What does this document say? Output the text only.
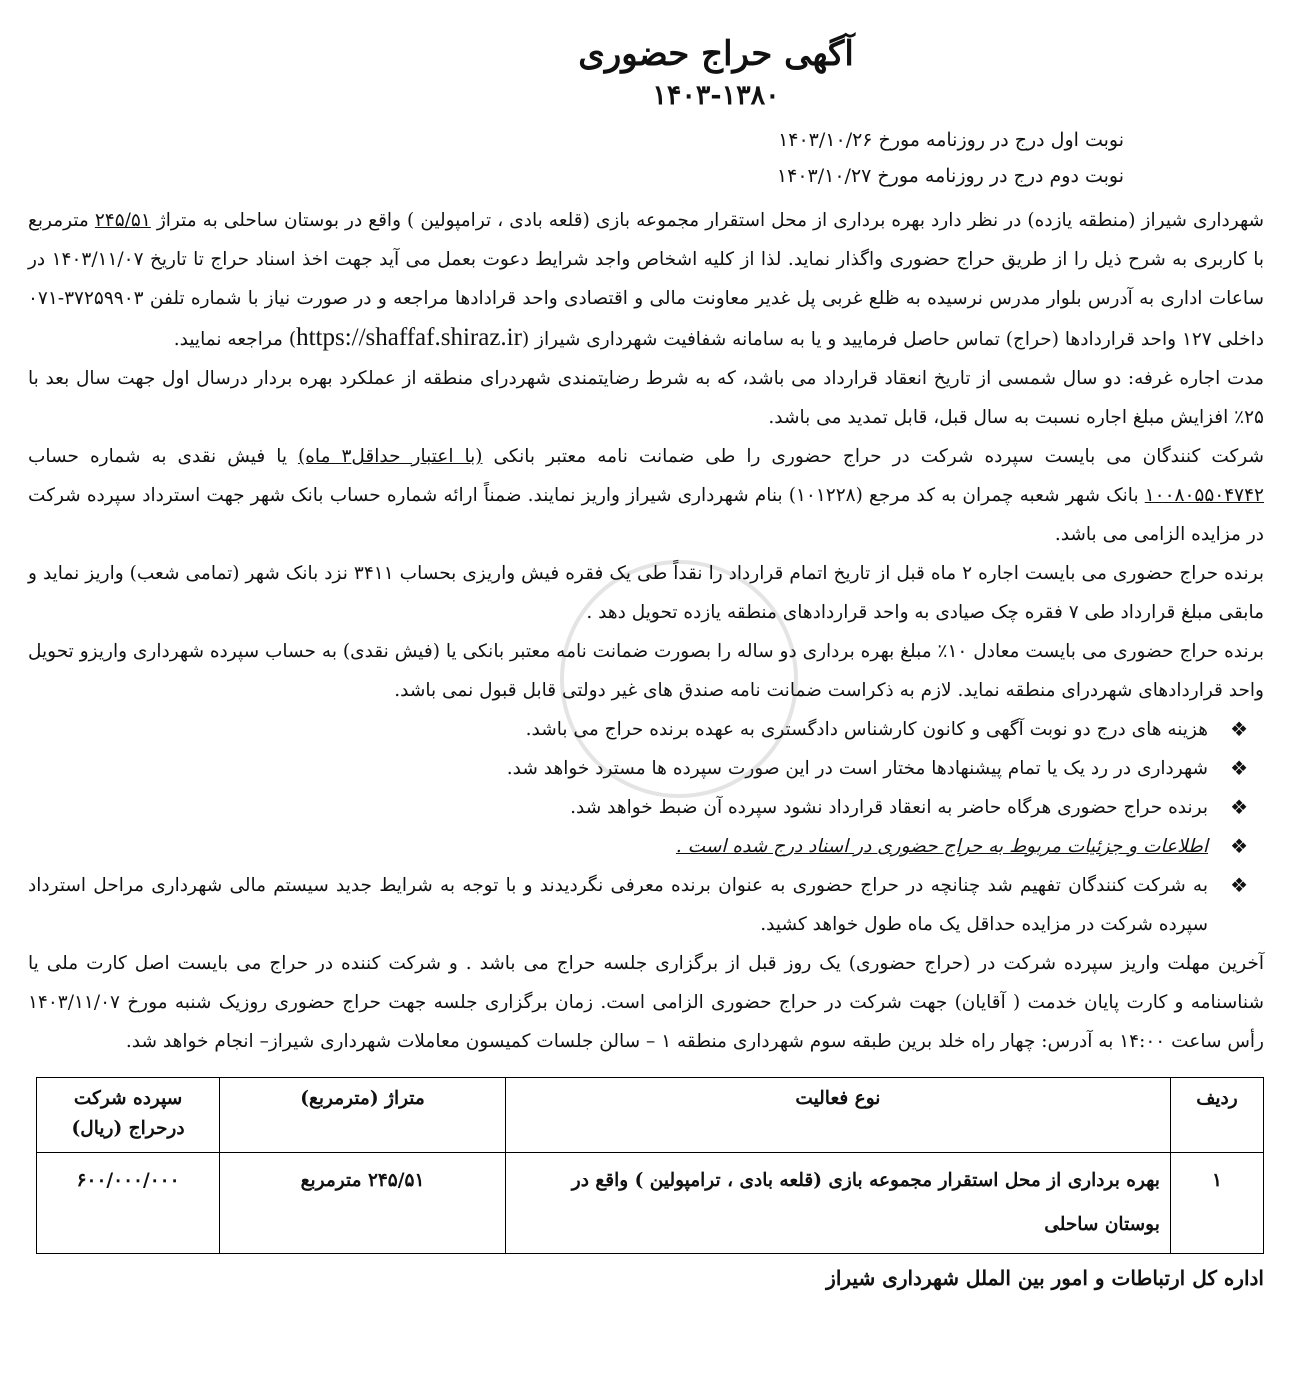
آگهی حراج حضوری
۱۴۰۳-۱۳۸۰
نوبت اول درج در روزنامه مورخ ۱۴۰۳/۱۰/۲۶
نوبت دوم درج در روزنامه مورخ ۱۴۰۳/۱۰/۲۷

شهرداری شیراز (منطقه یازده) در نظر دارد بهره برداری از محل استقرار مجموعه بازی (قلعه بادی ، ترامپولین ) واقع در بوستان ساحلی به متراژ ۲۴۵/۵۱ مترمربع با کاربری به شرح ذیل را از طریق حراج حضوری واگذار نماید. لذا از کلیه اشخاص واجد شرایط دعوت بعمل می آید جهت اخذ اسناد حراج تا تاریخ ۱۴۰۳/۱۱/۰۷ در ساعات اداری به آدرس بلوار مدرس نرسیده به ظلع غربی پل غدیر معاونت مالی و اقتصادی واحد قرادادها مراجعه و در صورت نیاز با شماره تلفن ۳۷۲۵۹۹۰۳-۰۷۱ داخلی ۱۲۷ واحد قراردادها (حراج) تماس حاصل فرمایید و یا به سامانه شفافیت شهرداری شیراز (https://shaffaf.shiraz.ir) مراجعه نمایید.

مدت اجاره غرفه: دو سال شمسی از تاریخ انعقاد قرارداد می باشد، که به شرط رضایتمندی شهردرای منطقه از عملکرد بهره بردار درسال اول جهت سال بعد با ۲۵٪ افزایش مبلغ اجاره نسبت به سال قبل، قابل تمدید می باشد.

شرکت کنندگان می بایست سپرده شرکت در حراج حضوری را طی ضمانت نامه معتبر بانکی (با اعتبار حداقل۳ ماه) یا فیش نقدی به شماره حساب ۱۰۰۸۰۵۵۰۴۷۴۲ بانک شهر شعبه چمران به کد مرجع (۱۰۱۲۲۸) بنام شهرداری شیراز واریز نمایند. ضمناً ارائه شماره حساب بانک شهر جهت استرداد سپرده شرکت در مزایده الزامی می باشد.

برنده حراج حضوری می بایست اجاره ۲ ماه قبل از تاریخ اتمام قرارداد را نقداً طی یک فقره فیش واریزی بحساب ۳۴۱۱ نزد بانک شهر (تمامی شعب) واریز نماید و مابقی مبلغ قرارداد طی ۷ فقره چک صیادی به واحد قراردادهای منطقه یازده تحویل دهد .

برنده حراج حضوری می بایست معادل ۱۰٪ مبلغ بهره برداری دو ساله را بصورت ضمانت نامه معتبر بانکی یا (فیش نقدی) به حساب سپرده شهرداری واریزو تحویل واحد قراردادهای شهردرای منطقه نماید. لازم به ذکراست ضمانت نامه صندق های غیر دولتی قابل قبول نمی باشد.

❖
هزینه های درج دو نوبت آگهی و کانون کارشناس دادگستری به عهده برنده حراج می باشد.
❖
شهرداری در رد یک یا تمام پیشنهادها مختار است در این صورت سپرده ها مسترد خواهد شد.
❖
برنده حراج حضوری هرگاه حاضر به انعقاد قرارداد نشود سپرده آن ضبط خواهد شد.
❖
اطلاعات و جزئیات مربوط به حراج حضوری در اسناد درج شده است .
❖
به شرکت کنندگان تفهیم شد چنانچه در حراج حضوری به عنوان برنده معرفی نگردیدند و با توجه به شرایط جدید سیستم مالی شهرداری مراحل استرداد سپرده شرکت در مزایده حداقل یک ماه طول خواهد کشید.

آخرین مهلت واریز سپرده شرکت در (حراج حضوری) یک روز قبل از برگزاری جلسه حراج می باشد . و شرکت کننده در حراج می بایست اصل کارت ملی یا شناسنامه و کارت پایان خدمت ( آقایان) جهت شرکت در حراج حضوری الزامی است. زمان برگزاری جلسه جهت حراج حضوری روزیک شنبه مورخ ۱۴۰۳/۱۱/۰۷ رأس ساعت ۱۴:۰۰ به آدرس: چهار راه خلد برین طبقه سوم شهرداری منطقه ۱ – سالن جلسات کمیسون معاملات شهرداری شیراز– انجام خواهد شد.

ردیف	نوع فعالیت	متراژ (مترمربع)	سپرده شرکت درحراج (ریال)
۱	بهره برداری از محل استقرار مجموعه بازی (قلعه بادی ، ترامپولین ) واقع در بوستان ساحلی	۲۴۵/۵۱ مترمربع	۶۰۰/۰۰۰/۰۰۰
اداره کل ارتباطات و امور بین الملل شهرداری شیراز
